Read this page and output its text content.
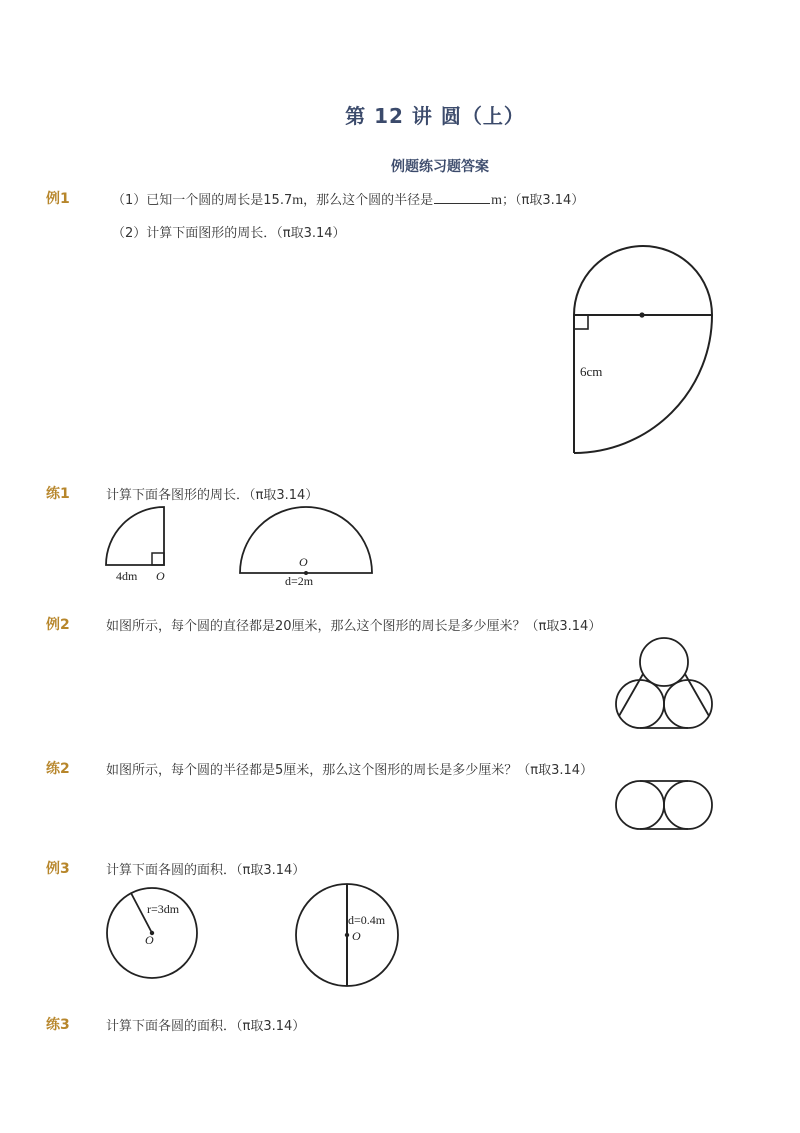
第 12 讲 圆（上）
例题练习题答案
例1	（1）已知一个圆的周长是15.7m，那么这个圆的半径是	m；（π取3.14）
（2）计算下面图形的周长．（π取3.14）
6cm
练1	计算下面各图形的周长．（π取3.14）
4dm O
O
d=2m
例2	如图所示，每个圆的直径都是20厘米，那么这个图形的周长是多少厘米？（π取3.14）
练2	如图所示，每个圆的半径都是5厘米，那么这个图形的周长是多少厘米？（π取3.14）
例3	计算下面各圆的面积．（π取3.14）
r=3dm
O
d=0.4m
O
练3	计算下面各圆的面积．（π取3.14）
